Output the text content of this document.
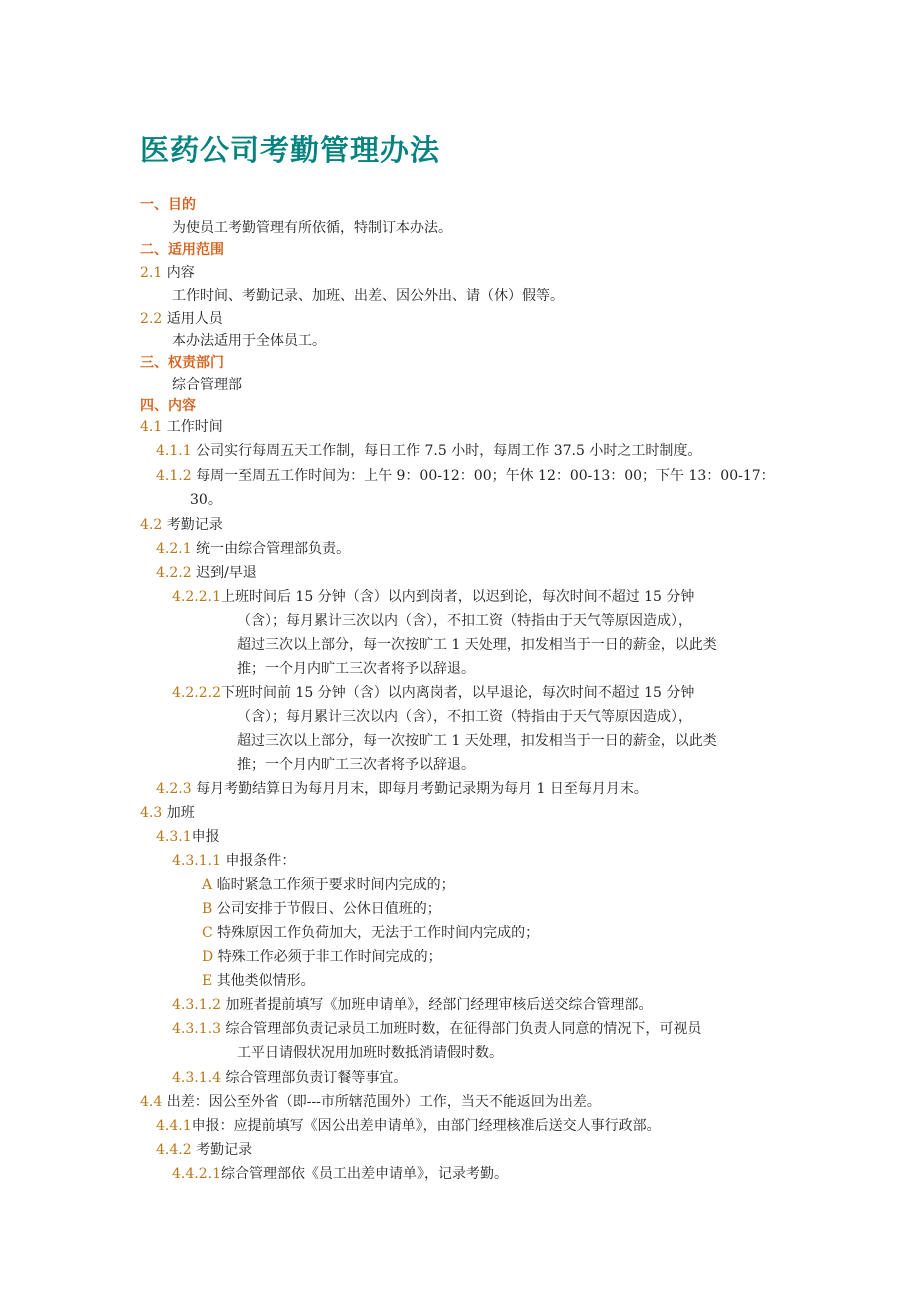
医药公司考勤管理办法
一、目的
为使员工考勤管理有所依循，特制订本办法。
二、适用范围
2.1 内容
工作时间、考勤记录、加班、出差、因公外出、请（休）假等。
2.2 适用人员
本办法适用于全体员工。
三、权责部门
综合管理部
四、内容
4.1 工作时间
4.1.1 公司实行每周五天工作制，每日工作 7.5 小时，每周工作 37.5 小时之工时制度。
4.1.2 每周一至周五工作时间为：上午 9：00-12：00；午休 12：00-13：00；下午 13：00-17：
30。
4.2 考勤记录
4.2.1 统一由综合管理部负责。
4.2.2 迟到/早退
4.2.2.1上班时间后 15 分钟（含）以内到岗者，以迟到论，每次时间不超过 15 分钟
（含）；每月累计三次以内（含），不扣工资（特指由于天气等原因造成），
超过三次以上部分，每一次按旷工 1 天处理，扣发相当于一日的薪金，以此类
推；一个月内旷工三次者将予以辞退。
4.2.2.2下班时间前 15 分钟（含）以内离岗者，以早退论，每次时间不超过 15 分钟
（含）；每月累计三次以内（含），不扣工资（特指由于天气等原因造成），
超过三次以上部分，每一次按旷工 1 天处理，扣发相当于一日的薪金，以此类
推；一个月内旷工三次者将予以辞退。
4.2.3 每月考勤结算日为每月月末，即每月考勤记录期为每月 1 日至每月月末。
4.3 加班
4.3.1申报
4.3.1.1 申报条件：
A 临时紧急工作须于要求时间内完成的；
B 公司安排于节假日、公休日值班的；
C 特殊原因工作负荷加大，无法于工作时间内完成的；
D 特殊工作必须于非工作时间完成的；
E 其他类似情形。
4.3.1.2 加班者提前填写《加班申请单》，经部门经理审核后送交综合管理部。
4.3.1.3 综合管理部负责记录员工加班时数，在征得部门负责人同意的情况下，可视员
工平日请假状况用加班时数抵消请假时数。
4.3.1.4 综合管理部负责订餐等事宜。
4.4 出差：因公至外省（即---市所辖范围外）工作，当天不能返回为出差。
4.4.1申报：应提前填写《因公出差申请单》，由部门经理核准后送交人事行政部。
4.4.2 考勤记录
4.4.2.1综合管理部依《员工出差申请单》，记录考勤。
